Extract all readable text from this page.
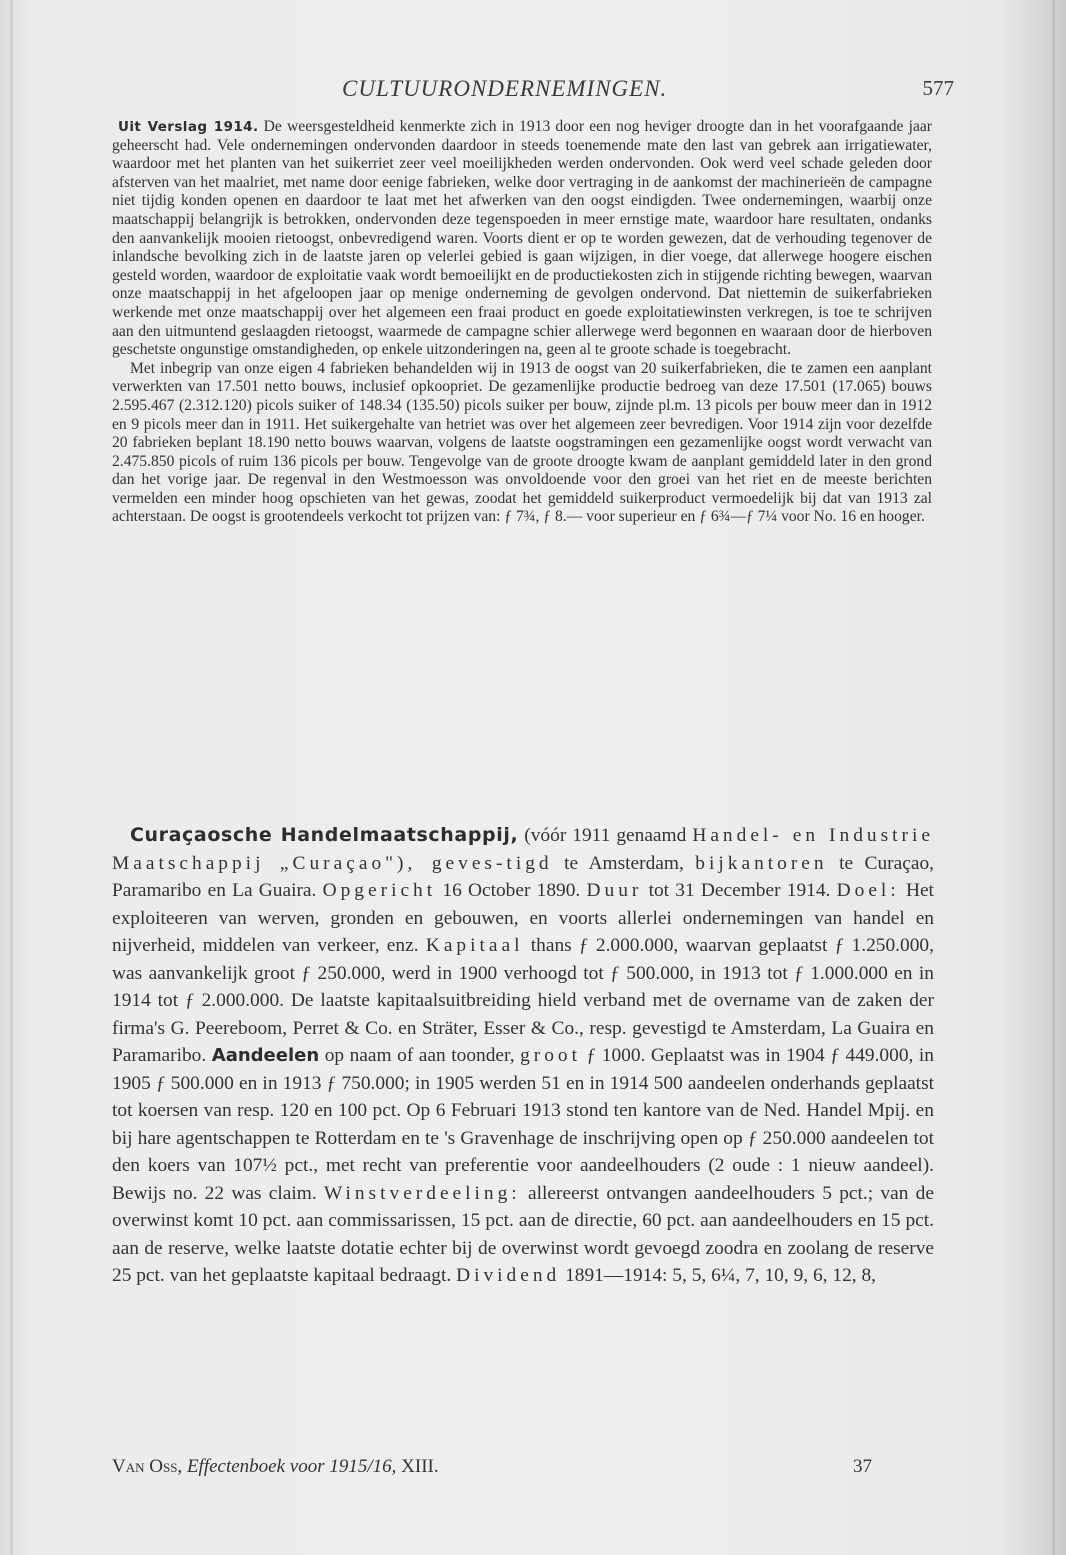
CULTUURONDERNEMINGEN.	577

Uit Verslag 1914. De weersgesteldheid kenmerkte zich in 1913 door een nog heviger droogte dan in het voorafgaande jaar geheerscht had. Vele ondernemingen ondervonden daardoor in steeds toenemende mate den last van gebrek aan irrigatiewater, waardoor met het planten van het suikerriet zeer veel moeilijkheden werden ondervonden. Ook werd veel schade geleden door afsterven van het maalriet, met name door eenige fabrieken, welke door vertraging in de aankomst der machinerieën de campagne niet tijdig konden openen en daardoor te laat met het afwerken van den oogst eindigden. Twee ondernemingen, waarbij onze maatschappij belangrijk is betrokken, ondervonden deze tegenspoeden in meer ernstige mate, waardoor hare resultaten, ondanks den aanvankelijk mooien rietoogst, onbevredigend waren. Voorts dient er op te worden gewezen, dat de verhouding tegenover de inlandsche bevolking zich in de laatste jaren op velerlei gebied is gaan wijzigen, in dier voege, dat allerwege hoogere eischen gesteld worden, waardoor de exploitatie vaak wordt bemoeilijkt en de productiekosten zich in stijgende richting bewegen, waarvan onze maatschappij in het afgeloopen jaar op menige onderneming de gevolgen ondervond. Dat niettemin de suikerfabrieken werkende met onze maatschappij over het algemeen een fraai product en goede exploitatiewinsten verkregen, is toe te schrijven aan den uitmuntend geslaagden rietoogst, waarmede de campagne schier allerwege werd begonnen en waaraan door de hierboven geschetste ongunstige omstandigheden, op enkele uitzonderingen na, geen al te groote schade is toegebracht.

Met inbegrip van onze eigen 4 fabrieken behandelden wij in 1913 de oogst van 20 suikerfabrieken, die te zamen een aanplant verwerkten van 17.501 netto bouws, inclusief opkoopriet. De gezamenlijke productie bedroeg van deze 17.501 (17.065) bouws 2.595.467 (2.312.120) picols suiker of 148.34 (135.50) picols suiker per bouw, zijnde pl.m. 13 picols per bouw meer dan in 1912 en 9 picols meer dan in 1911. Het suikergehalte van hetriet was over het algemeen zeer bevredigen. Voor 1914 zijn voor dezelfde 20 fabrieken beplant 18.190 netto bouws waarvan, volgens de laatste oogstramingen een gezamenlijke oogst wordt verwacht van 2.475.850 picols of ruim 136 picols per bouw. Tengevolge van de groote droogte kwam de aanplant gemiddeld later in den grond dan het vorige jaar. De regenval in den Westmoesson was onvoldoende voor den groei van het riet en de meeste berichten vermelden een minder hoog opschieten van het gewas, zoodat het gemiddeld suikerproduct vermoedelijk bij dat van 1913 zal achterstaan. De oogst is grootendeels verkocht tot prijzen van: ƒ 7¾, ƒ 8.— voor superieur en ƒ 6¾—ƒ 7¼ voor No. 16 en hooger.

Curaçaosche Handelmaatschappij, (vóór 1911 genaamd Handel- en Industrie Maatschappij „Curaçao"), geves-tigd te Amsterdam, bijkantoren te Curaçao, Paramaribo en La Guaira. Opgericht 16 October 1890. Duur tot 31 December 1914. Doel: Het exploiteeren van werven, gronden en gebouwen, en voorts allerlei ondernemingen van handel en nijverheid, middelen van verkeer, enz. Kapitaal thans ƒ 2.000.000, waarvan geplaatst ƒ 1.250.000, was aanvankelijk groot ƒ 250.000, werd in 1900 verhoogd tot ƒ 500.000, in 1913 tot ƒ 1.000.000 en in 1914 tot ƒ 2.000.000. De laatste kapitaalsuitbreiding hield verband met de overname van de zaken der firma's G. Peereboom, Perret & Co. en Sträter, Esser & Co., resp. gevestigd te Amsterdam, La Guaira en Paramaribo. Aandeelen op naam of aan toonder, groot ƒ 1000. Geplaatst was in 1904 ƒ 449.000, in 1905 ƒ 500.000 en in 1913 ƒ 750.000; in 1905 werden 51 en in 1914 500 aandeelen onderhands geplaatst tot koersen van resp. 120 en 100 pct. Op 6 Februari 1913 stond ten kantore van de Ned. Handel Mpij. en bij hare agentschappen te Rotterdam en te 's Gravenhage de inschrijving open op ƒ 250.000 aandeelen tot den koers van 107½ pct., met recht van preferentie voor aandeelhouders (2 oude : 1 nieuw aandeel). Bewijs no. 22 was claim. Winstverdeeling: allereerst ontvangen aandeelhouders 5 pct.; van de overwinst komt 10 pct. aan commissarissen, 15 pct. aan de directie, 60 pct. aan aandeelhouders en 15 pct. aan de reserve, welke laatste dotatie echter bij de overwinst wordt gevoegd zoodra en zoolang de reserve 25 pct. van het geplaatste kapitaal bedraagt. Dividend 1891—1914: 5, 5, 6¼, 7, 10, 9, 6, 12, 8,
Van Oss, Effectenboek voor 1915/16, XIII.	37
